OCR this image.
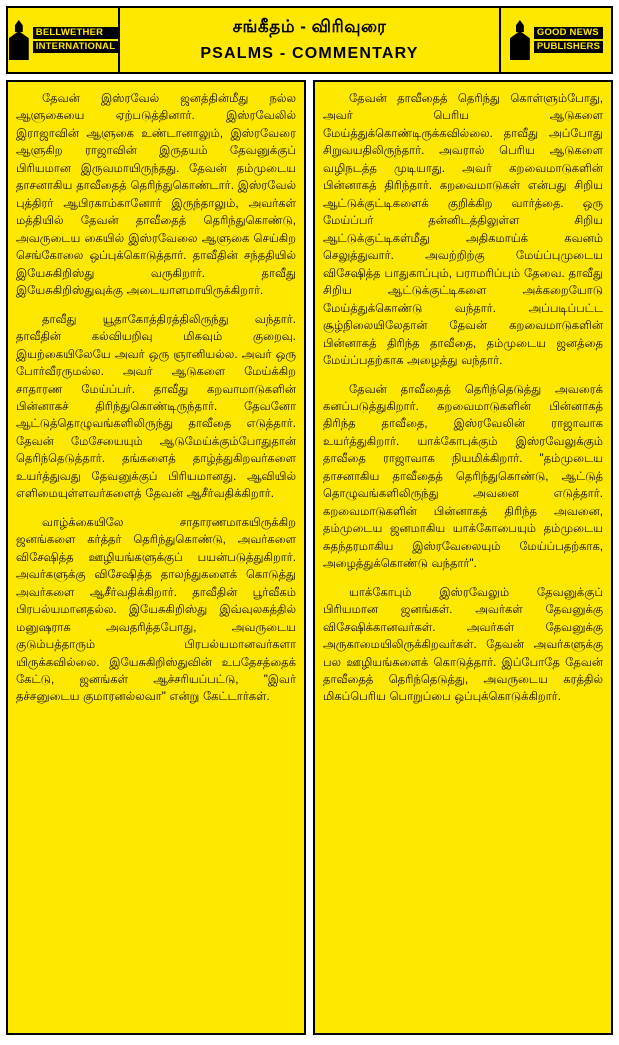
BELLWETHER
INTERNATIONAL
சங்கீதம் - விரிவுரை
PSALMS - COMMENTARY
GOOD NEWS
PUBLISHERS

தேவன் இஸ்ரவேல் ஜனத்தின்மீது நல்ல ஆளுகையை ஏற்படுத்தினார். இஸ்ரவேலில் இராஜாவின் ஆளுகை உண்டானாலும், இஸ்ரவேரை ஆளுகிற ராஜாவின் இருதயம் தேவனுக்குப் பிரியமான இருவமாயிருந்தது. தேவன் தம்முடைய தாசனாகிய தாவீதைத் தெரிந்துகொண்டார். இஸ்ரவேல் புத்திரர் ஆபிரகாம்கானோர் இருந்தாலும், அவர்கள் மத்தியில் தேவன் தாவீதைத் தெரிந்துகொண்டு, அவருடைய கையில் இஸ்ரவேலை ஆளுகை செய்கிற செங்கோலை ஒப்புக்கொடுத்தார். தாவீதின் சந்ததியில் இயேசுகிறிஸ்து வருகிறார். தாவீது இயேசுகிறிஸ்துவுக்கு அடையாளமாயிருக்கிறார்.

தாவீது யூதாகோத்திரத்திலிருந்து வந்தார். தாவீதின் கல்வியறிவு மிகவும் குறைவு. இயற்கையிலேயே அவர் ஒரு ஞானியல்ல. அவர் ஒரு போர்வீரருமல்ல. அவர் ஆடுகளை மேய்க்கிற சாதாரண மேய்ப்பர். தாவீது கறவாமாடுகளின் பின்னாகச் திரிந்துகொண்டிருந்தார். தேவனோ ஆட்டுத்தொழுவங்களிலிருந்து தாவீதை எடுத்தார். தேவன் மேசேயையும் ஆடுமேய்க்கும்போதுதான் தெரிந்தெடுத்தார். தங்களைத் தாழ்த்துகிறவர்களை உயர்த்துவது தேவனுக்குப் பிரியமானது. ஆவியில் எளிமையுள்ளவர்களைத் தேவன் ஆசீர்வதிக்கிறார்.

வாழ்க்கையிலே சாதாரணமாகயிருக்கிற ஜனங்களை கர்த்தர் தெரிந்துகொண்டு, அவர்களை விசேஷித்த ஊழியங்களுக்குப் பயன்படுத்துகிறார். அவர்களுக்கு விசேஷித்த தாலந்துகளைக் கொடுத்து அவர்களை ஆசீர்வதிக்கிறார். தாவீதின் பூர்வீகம் பிரபல்யமானதல்ல. இயேசுகிறிஸ்து இவ்வுலகத்தில் மனுஷராக அவதரித்தபோது, அவருடைய குடும்பத்தாரும் பிரபல்யமானவர்களா யிருக்கவில்லை. இயேசுகிறிஸ்துவின் உபதேசத்தைக் கேட்டு, ஜனங்கள் ஆச்சரியப்பட்டு, "இவர் தச்சனுடைய குமாரனல்லவா" என்று கேட்டார்கள்.

தேவன் தாவீதைத் தெரிந்து கொள்ளும்போது, அவர் பெரிய ஆடுகளை மேய்த்துக்கொண்டிருக்கவில்லை. தாவீது அப்போது சிறுவயதிலிருந்தார். அவரால் பெரிய ஆடுகளை வழிநடத்த முடியாது. அவர் கறவைமாடுகளின் பின்னாகத் திரிந்தார். கறவைமாடுகள் என்பது சிறிய ஆட்டுக்குட்டிகளைக் குறிக்கிற வார்த்தை. ஒரு மேய்ப்பர் தன்னிடத்திலுள்ள சிறிய ஆட்டுக்குட்டிகள்மீது அதிகமாய்க் கவனம் செலுத்துவார். அவற்றிற்கு மேய்ப்புமுடைய விசேஷித்த பாதுகாப்பும், பராமரிப்பும் தேவை. தாவீது சிறிய ஆட்டுக்குட்டிகளை அக்கறையோடு மேய்த்துக்கொண்டு வந்தார். அப்படிப்பட்ட சூழ்நிலையிலேதான் தேவன் கறவைமாடுகளின் பின்னாகத் திரிந்த தாவீதை, தம்முடைய ஜனத்தை மேய்ப்பதற்காக அழைத்து வந்தார்.

தேவன் தாவீதைத் தெரிந்தெடுத்து அவரைக் கனப்படுத்துகிறார். கறவைமாடுகளின் பின்னாகத் திரிந்த தாவீதை, இஸ்ரவேலின் ராஜாவாக உயர்த்துகிறார். யாக்கோபுக்கும் இஸ்ரவேலுக்கும் தாவீதை ராஜாவாக நியமிக்கிறார். "தம்முடைய தாசனாகிய தாவீதைத் தெரிந்துகொண்டு, ஆட்டுத் தொழுவங்களிலிருந்து அவனை எடுத்தார். கறவைமாடுகளின் பின்னாகத் திரிந்த அவனை, தம்முடைய ஜனமாகிய யாக்கோபையும் தம்முடைய சுதந்தரமாகிய இஸ்ரவேலையும் மேய்ப்பதற்காக, அழைத்துக்கொண்டு வந்தார்".

யாக்கோபும் இஸ்ரவேலும் தேவனுக்குப் பிரியமான ஜனங்கள். அவர்கள் தேவனுக்கு விசேஷிக்கானவர்கள். அவர்கள் தேவனுக்கு அருகாமையிலிருக்கிறவர்கள். தேவன் அவர்களுக்கு பல ஊழியங்களைக் கொடுத்தார். இப்போதே தேவன் தாவீதைத் தெரிந்தெடுத்து, அவருடைய கரத்தில் மிகப்பெரிய பொறுப்பை ஒப்புக்கொடுக்கிறார்.
